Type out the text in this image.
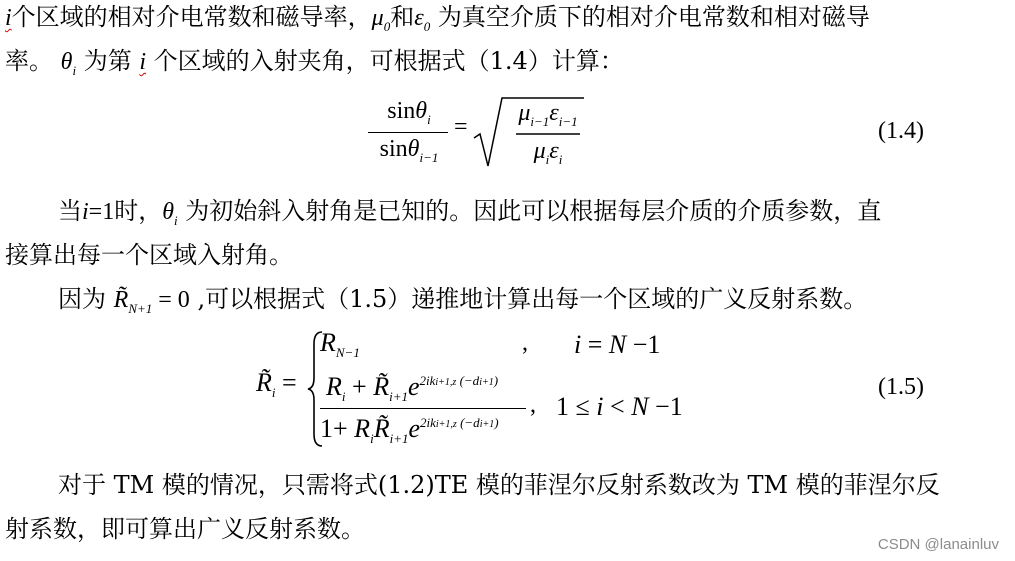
i个区域的相对介电常数和磁导率，$\mu_0$和$\varepsilon_0$ 为真空介质下的相对介电常数和相对磁导
率。 $\theta_i$ 为第 i 个区域的入射夹角，可根据式（1.4）计算：
sinθ$_i$
sinθ$_{i-1}$
=
$\mu_{i-1}\varepsilon_{i-1}$
$\mu_i\varepsilon_i$
(1.4)
当i=1时，$\theta_i$ 为初始斜入射角是已知的。因此可以根据每层介质的介质参数，直
接算出每一个区域入射角。
因为 $R̃_{N+1} = 0$ ,可以根据式（1.5）递推地计算出每一个区域的广义反射系数。
$R̃_i$ =
$R_{N-1}$	, i = N −1
$R_i$ + $R̃_{i+1}e^{2iki+1,z (-di+1)}$
$1+ R_iR̃_{i+1}e^{2iki+1,z (-di+1)}$
, 1 ≤ i < N −1
(1.5)
对于 TM 模的情况，只需将式(1.2)TE 模的菲涅尔反射系数改为 TM 模的菲涅尔反
射系数，即可算出广义反射系数。
CSDN @lanainluv
